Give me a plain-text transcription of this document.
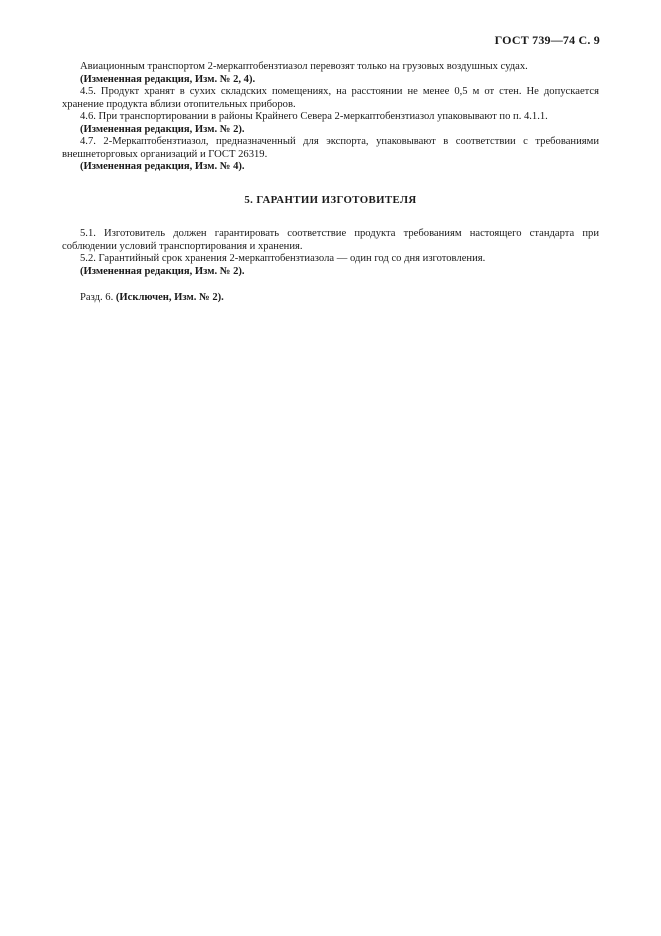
ГОСТ 739—74 С. 9

Авиационным транспортом 2-меркаптобензтиазол перевозят только на грузовых воздушных судах.

(Измененная редакция, Изм. № 2, 4).

4.5. Продукт хранят в сухих складских помещениях, на расстоянии не менее 0,5 м от стен. Не допускается хранение продукта вблизи отопительных приборов.

4.6. При транспортировании в районы Крайнего Севера 2-меркаптобензтиазол упаковывают по п. 4.1.1.

(Измененная редакция, Изм. № 2).

4.7. 2-Меркаптобензтиазол, предназначенный для экспорта, упаковывают в соответствии с требованиями внешнеторговых организаций и ГОСТ 26319.

(Измененная редакция, Изм. № 4).

5. ГАРАНТИИ ИЗГОТОВИТЕЛЯ

5.1. Изготовитель должен гарантировать соответствие продукта требованиям настоящего стандарта при соблюдении условий транспортирования и хранения.

5.2. Гарантийный срок хранения 2-меркаптобензтиазола — один год со дня изготовления.

(Измененная редакция, Изм. № 2).

Разд. 6. (Исключен, Изм. № 2).
